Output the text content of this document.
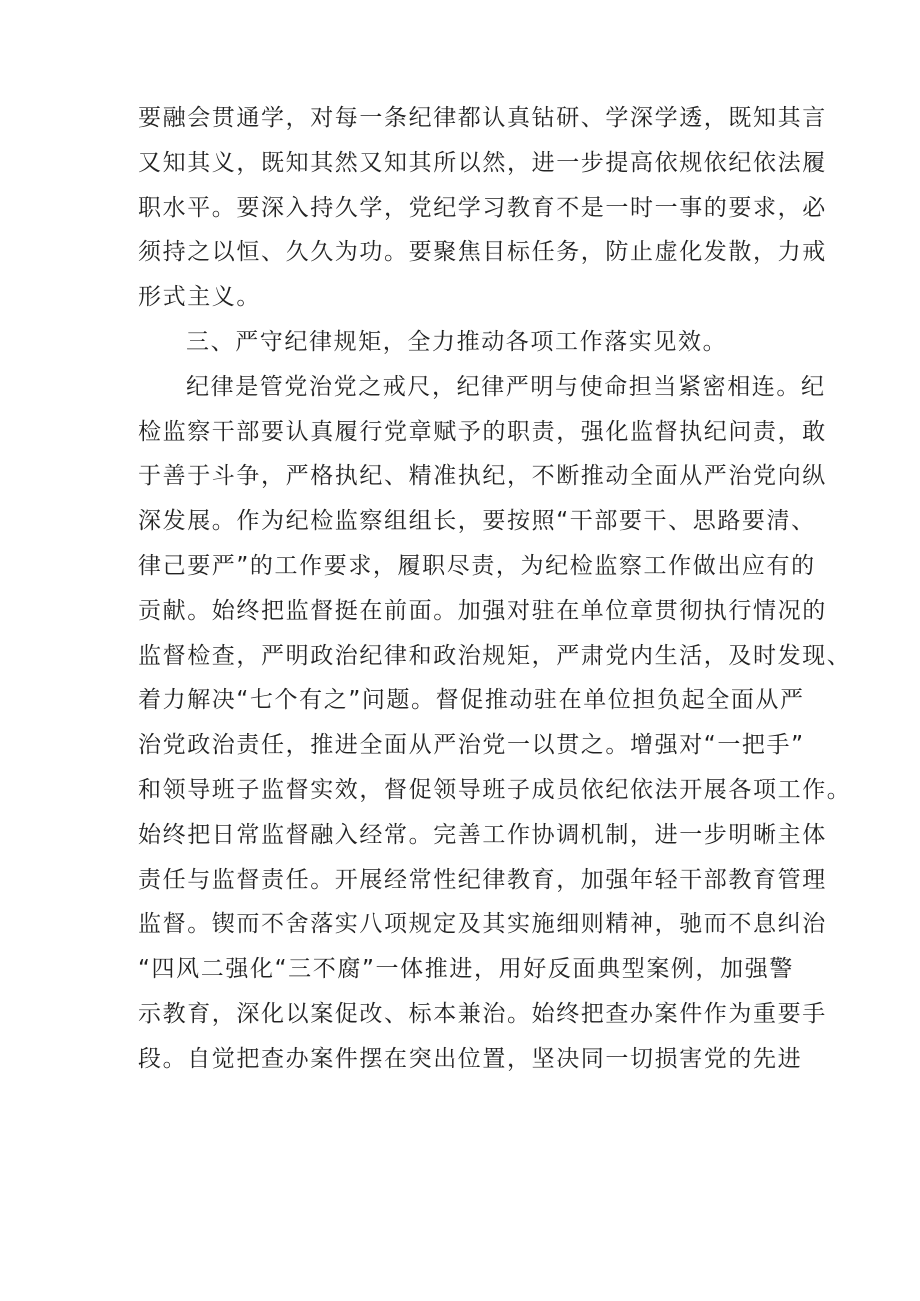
要融会贯通学，对每一条纪律都认真钻研、学深学透，既知其言
又知其义，既知其然又知其所以然，进一步提高依规依纪依法履
职水平。要深入持久学，党纪学习教育不是一时一事的要求，必
须持之以恒、久久为功。要聚焦目标任务，防止虚化发散，力戒
形式主义。
三、严守纪律规矩，全力推动各项工作落实见效。
纪律是管党治党之戒尺，纪律严明与使命担当紧密相连。纪
检监察干部要认真履行党章赋予的职责，强化监督执纪问责，敢
于善于斗争，严格执纪、精准执纪，不断推动全面从严治党向纵
深发展。作为纪检监察组组长，要按照“干部要干、思路要清、
律己要严”的工作要求，履职尽责，为纪检监察工作做出应有的
贡献。始终把监督挺在前面。加强对驻在单位章贯彻执行情况的
监督检查，严明政治纪律和政治规矩，严肃党内生活，及时发现、
着力解决“七个有之”问题。督促推动驻在单位担负起全面从严
治党政治责任，推进全面从严治党一以贯之。增强对“一把手”
和领导班子监督实效，督促领导班子成员依纪依法开展各项工作。
始终把日常监督融入经常。完善工作协调机制，进一步明晰主体
责任与监督责任。开展经常性纪律教育，加强年轻干部教育管理
监督。锲而不舍落实八项规定及其实施细则精神，驰而不息纠治
“四风二强化“三不腐”一体推进，用好反面典型案例，加强警
示教育，深化以案促改、标本兼治。始终把查办案件作为重要手
段。自觉把查办案件摆在突出位置，坚决同一切损害党的先进
